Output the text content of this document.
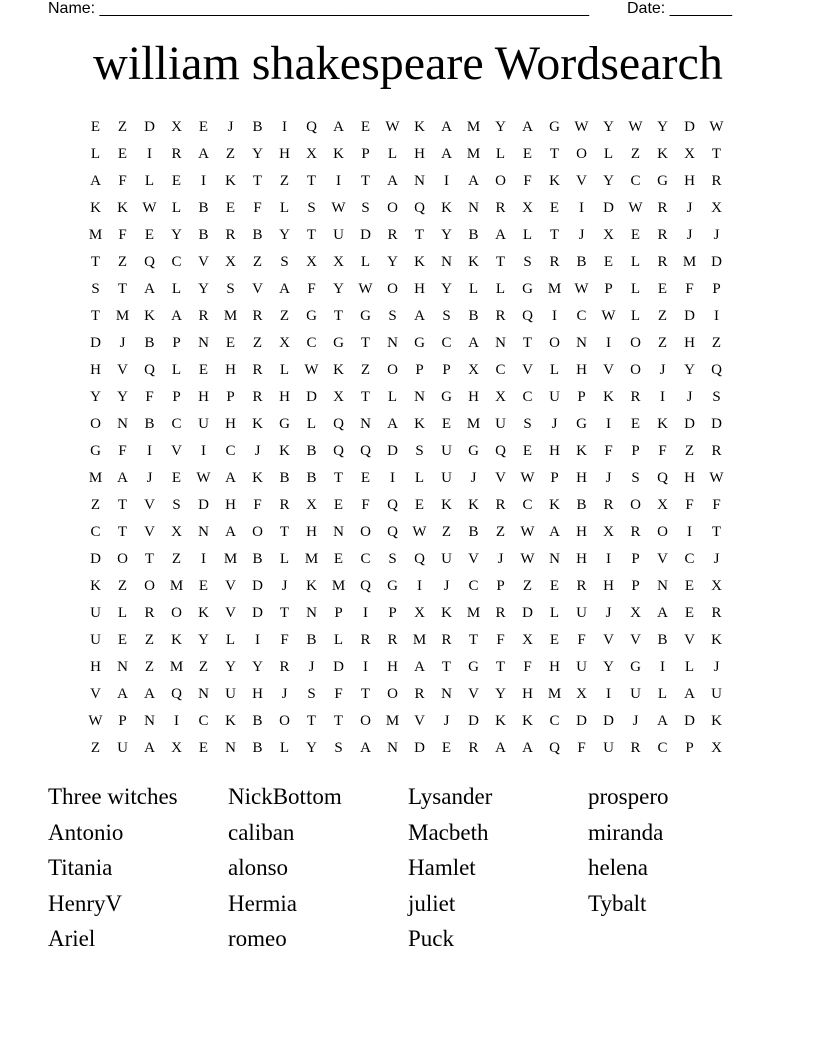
Name: _______________________________________________________ Date: _______
william shakespeare Wordsearch
E	Z	D	X	E	J	B	I	Q	A	E	W K	A M Y	A	G W Y W Y	D W
L	E	I	R	A	Z	Y	H	X	K	P	L	H	A M	L	E	T	O	L	Z	K	X	T
A	F	L	E	I	K	T	Z	T	I	T	A	N	I	A	O	F	K	V	Y	C	G	H	R
K	K W	L	B	E	F	L	S	W	S	O	Q	K	N	R	X	E	I	D W R	J	X
M	F	E	Y	B	R	B	Y	T	U	D	R	T	Y	B	A	L	T	J	X	E	R	J	J
T	Z	Q	C	V	X	Z	S	X	X	L	Y	K	N	K	T	S	R	B	E	L	R	M D
S	T	A	L	Y	S	V	A	F	Y W O	H	Y	L	L	G M W	P	L	E	F	P
T	M K	A	R	M	R	Z	G	T	G	S	A	S	B	R	Q	I	C W	L	Z	D	I
D	J	B	P	N	E	Z	X	C	G	T	N	G	C	A	N	T	O	N	I	O	Z	H	Z
H	V	Q	L	E	H	R	L	W K	Z	O	P	P	X	C	V	L	H	V	O	J	Y	Q
Y	Y	F	P	H	P	R	H	D	X	T	L	N	G	H	X	C	U	P	K	R	I	J	S
O	N	B	C	U	H	K	G	L	Q	N	A	K	E	M U	S	J	G	I	E	K	D	D
G	F	I	V	I	C	J	K	B	Q	Q	D	S	U	G	Q	E	H	K	F	P	F	Z	R
M A	J	E	W A	K	B	B	T	E	I	L	U	J	V W	P	H	J	S	Q	H W
Z	T	V	S	D	H	F	R	X	E	F	Q	E	K	K	R	C	K	B	R	O	X	F	F
C	T	V	X	N	A	O	T	H	N	O	Q W	Z	B	Z	W A	H	X	R	O	I	T
D	O	T	Z	I	M	B	L	M	E	C	S	Q	U	V	J	W N	H	I	P	V	C	J
K	Z	O M	E	V	D	J	K M Q	G	I	J	C	P	Z	E	R	H	P	N	E	X
U	L	R	O	K	V	D	T	N	P	I	P	X	K M	R	D	L	U	J	X	A	E	R
U	E	Z	K	Y	L	I	F	B	L	R	R	M	R	T	F	X	E	F	V	V	B	V	K
H	N	Z	M	Z	Y	Y	R	J	D	I	H	A	T	G	T	F	H	U	Y	G	I	L	J
V	A	A	Q	N	U	H	J	S	F	T	O	R	N	V	Y	H M X	I	U	L	A	U
W	P	N	I	C	K	B	O	T	T	O M V	J	D	K	K	C	D	D	J	A	D	K
Z	U	A	X	E	N	B	L	Y	S	A	N	D	E	R	A	A	Q	F	U	R	C	P	X
Three witches	NickBottom	Lysander	prospero
Antonio	caliban	Macbeth	miranda
Titania	alonso	Hamlet	helena
HenryV	Hermia	juliet	Tybalt
Ariel	romeo	Puck
